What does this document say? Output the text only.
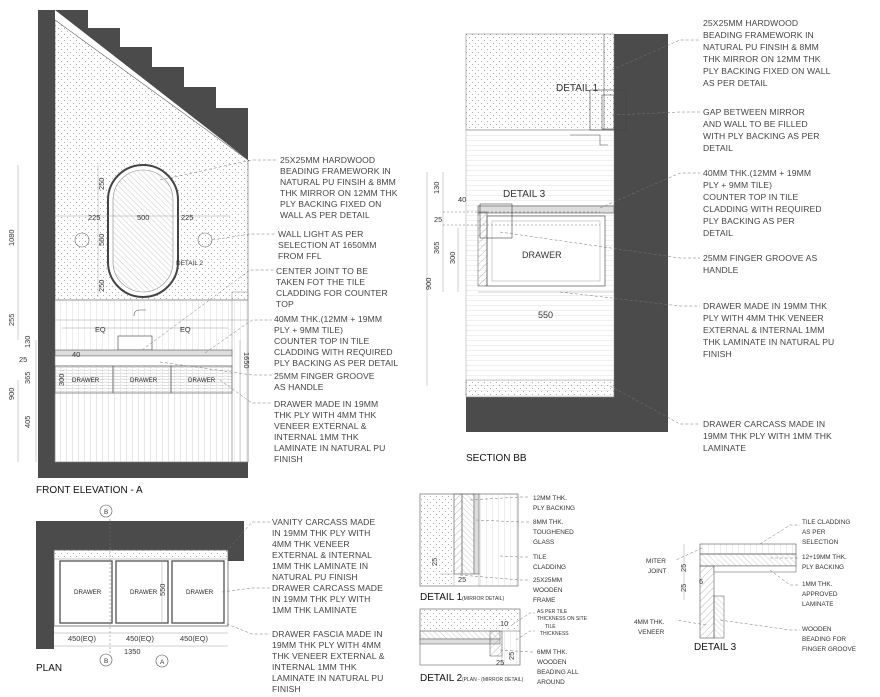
DRAWER	DRAWER	DRAWER
250
560
250
225	500	225
1080
255
EQ	EQ
130
40
25
365	300
900
405
1650
DETAIL 2
25X25MM HARDWOOD
BEADING FRAMEWORK IN
NATURAL PU FINSIH & 8MM
THK MIRROR ON 12MM THK
PLY BACKING FIXED ON
WALL AS PER DETAIL
WALL LIGHT AS PER
SELECTION AT 1650MM
FROM FFL
CENTER JOINT TO BE
TAKEN FOT THE TILE
CLADDING FOR COUNTER
TOP
40MM THK.(12MM + 19MM
PLY + 9MM TILE)
COUNTER TOP IN TILE
CLADDING WITH REQUIRED
PLY BACKING AS PER DETAIL
25MM FINGER GROOVE
AS HANDLE
DRAWER MADE IN 19MM
THK PLY WITH 4MM THK
VENEER EXTERNAL &
INTERNAL 1MM THK
LAMINATE IN NATURAL PU
FINISH
FRONT ELEVATION - A
DRAWER
DETAIL 1
DETAIL 3
130
40
25
365
300
900
550
25X25MM HARDWOOD
BEADING FRAMEWORK IN
NATURAL PU FINSIH & 8MM
THK MIRROR ON 12MM THK
PLY BACKING FIXED ON WALL
AS PER DETAIL
GAP BETWEEN MIRROR
AND WALL TO BE FILLED
WITH PLY BACKING AS PER
DETAIL
40MM THK.(12MM + 19MM
PLY + 9MM TILE)
COUNTER TOP IN TILE
CLADDING WITH REQUIRED
PLY BACKING AS PER
DETAIL
25MM FINGER GROOVE AS
HANDLE
DRAWER MADE IN 19MM THK
PLY WITH 4MM THK VENEER
EXTERNAL & INTERNAL 1MM
THK LAMINATE IN NATURAL PU
FINISH
DRAWER CARCASS MADE IN
19MM THK PLY WITH 1MM THK
LAMINATE
SECTION BB
DRAWER	DRAWER	DRAWER
550
450(EQ)	450(EQ)	450(EQ)
1350
B
B	A
VANITY CARCASS MADE
IN 19MM THK PLY WITH
4MM THK VENEER
EXTERNAL & INTERNAL
1MM THK LAMINATE IN
NATURAL PU FINISH
DRAWER CARCASS MADE
IN 19MM THK PLY WITH
1MM THK LAMINATE
DRAWER FASCIA MADE IN
19MM THK PLY WITH 4MM
THK VENEER EXTERNAL &
INTERNAL 1MM THK
LAMINATE IN NATURAL PU
FINISH
PLAN
25
25
12MM THK.
PLY BACKING
8MM THK.
TOUGHENED
GLASS
TILE
CLADDING
25X25MM
WOODEN
FRAME
DETAIL 1 (MIRROR DETAIL)
10
25
25
AS PER TILE
THICKNESS ON SITE
TILE
THICKNESS
6MM THK.
WOODEN
BEADING ALL
AROUND
DETAIL 2 (PLAN - (MIRROR DETAIL)
25
25
6
TILE CLADDING
AS PER
SELECTION
12+19MM THK.
PLY BACKING
1MM THK.
APPROVED
LAMINATE
WOODEN
BEADING FOR
FINGER GROOVE
MITER
JOINT
4MM THK.
VENEER
DETAIL 3
